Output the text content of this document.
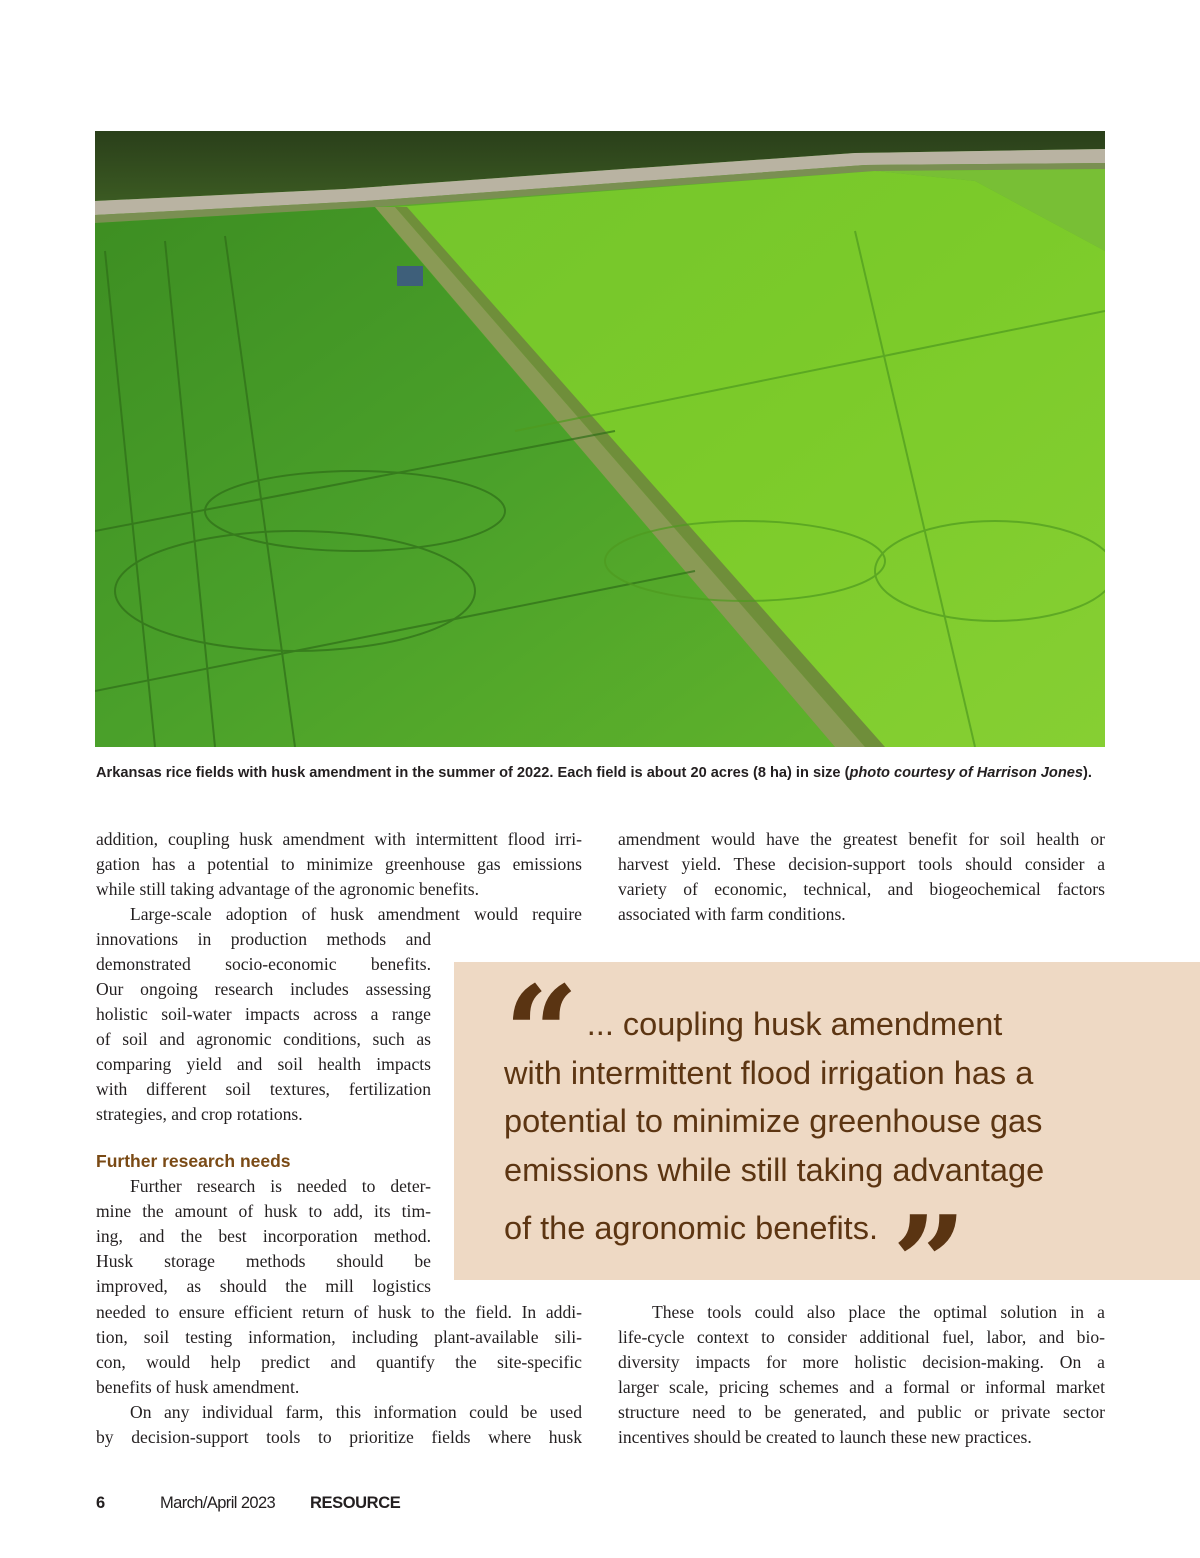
Arkansas rice fields with husk amendment in the summer of 2022. Each field is about 20 acres (8 ha) in size (photo courtesy of Harrison Jones).
addition, coupling husk amendment with intermittent flood irri-
gation has a potential to minimize greenhouse gas emissions
while still taking advantage of the agronomic benefits.
Large-scale adoption of husk amendment would require
innovations in production methods and
demonstrated socio-economic benefits.
Our ongoing research includes assessing
holistic soil-water impacts across a range
of soil and agronomic conditions, such as
comparing yield and soil health impacts
with different soil textures, fertilization
strategies, and crop rotations.

Further research needs

Further research is needed to deter-
mine the amount of husk to add, its tim-
ing, and the best incorporation method.
Husk storage methods should be
improved, as should the mill logistics
needed to ensure efficient return of husk to the field. In addi-
tion, soil testing information, including plant-available sili-
con, would help predict and quantify the site-specific
benefits of husk amendment.
On any individual farm, this information could be used
by decision-support tools to prioritize fields where husk
amendment would have the greatest benefit for soil health or
harvest yield. These decision-support tools should consider a
variety of economic, technical, and biogeochemical factors
associated with farm conditions.

“ ... coupling husk amendment
with intermittent flood irrigation has a
potential to minimize greenhouse gas
emissions while still taking advantage
of the agronomic benefits. ”

These tools could also place the optimal solution in a
life-cycle context to consider additional fuel, labor, and bio-
diversity impacts for more holistic decision-making. On a
larger scale, pricing schemes and a formal or informal market
structure need to be generated, and public or private sector
incentives should be created to launch these new practices.
6	March/April 2023 RESOURCE
